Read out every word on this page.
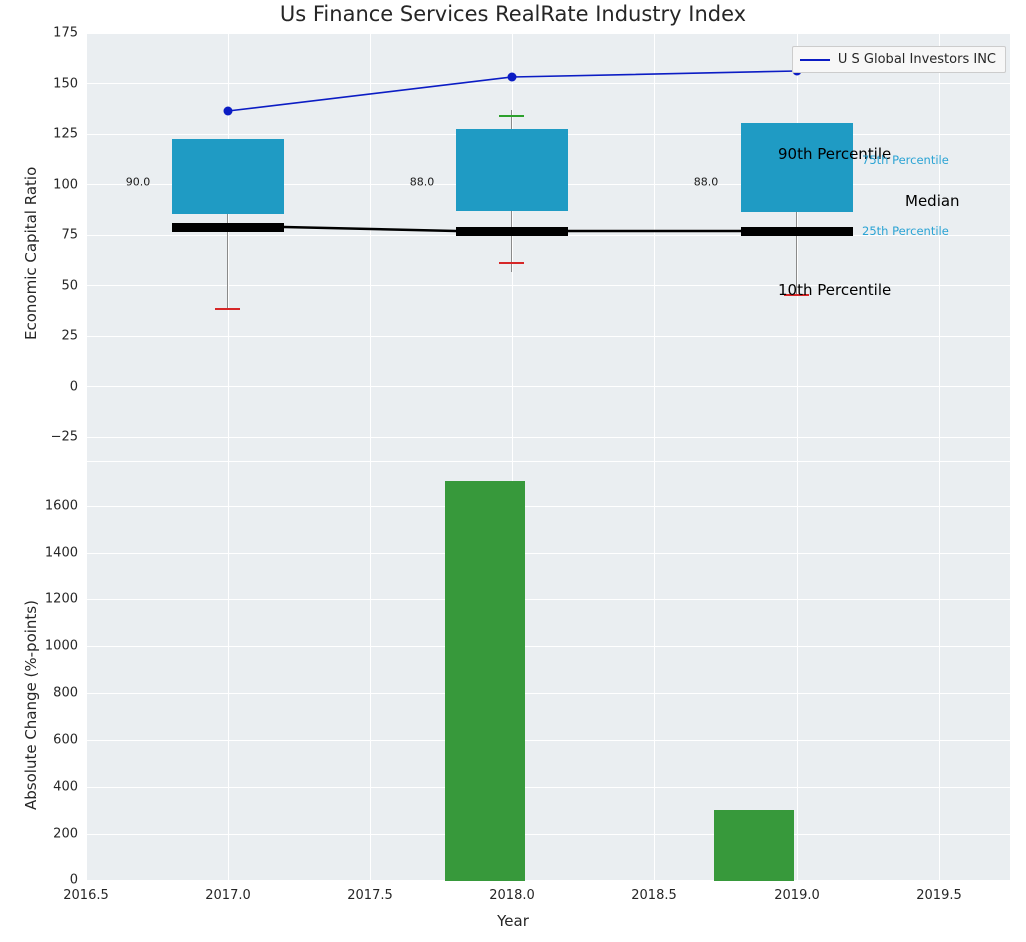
Us Finance Services RealRate Industry Index
90.0	88.0	88.0
90th Percentile
75th Percentile
Median
25th Percentile
10th Percentile
U S Global Investors INC
175
150
125
100
75
50
25
0
−25
Economic Capital Ratio
1600
1400
1200
1000
800
600
400
200
0
Absolute Change (%-points)
2016.5	2017.0	2017.5	2018.0	2018.5	2019.0	2019.5
Year
